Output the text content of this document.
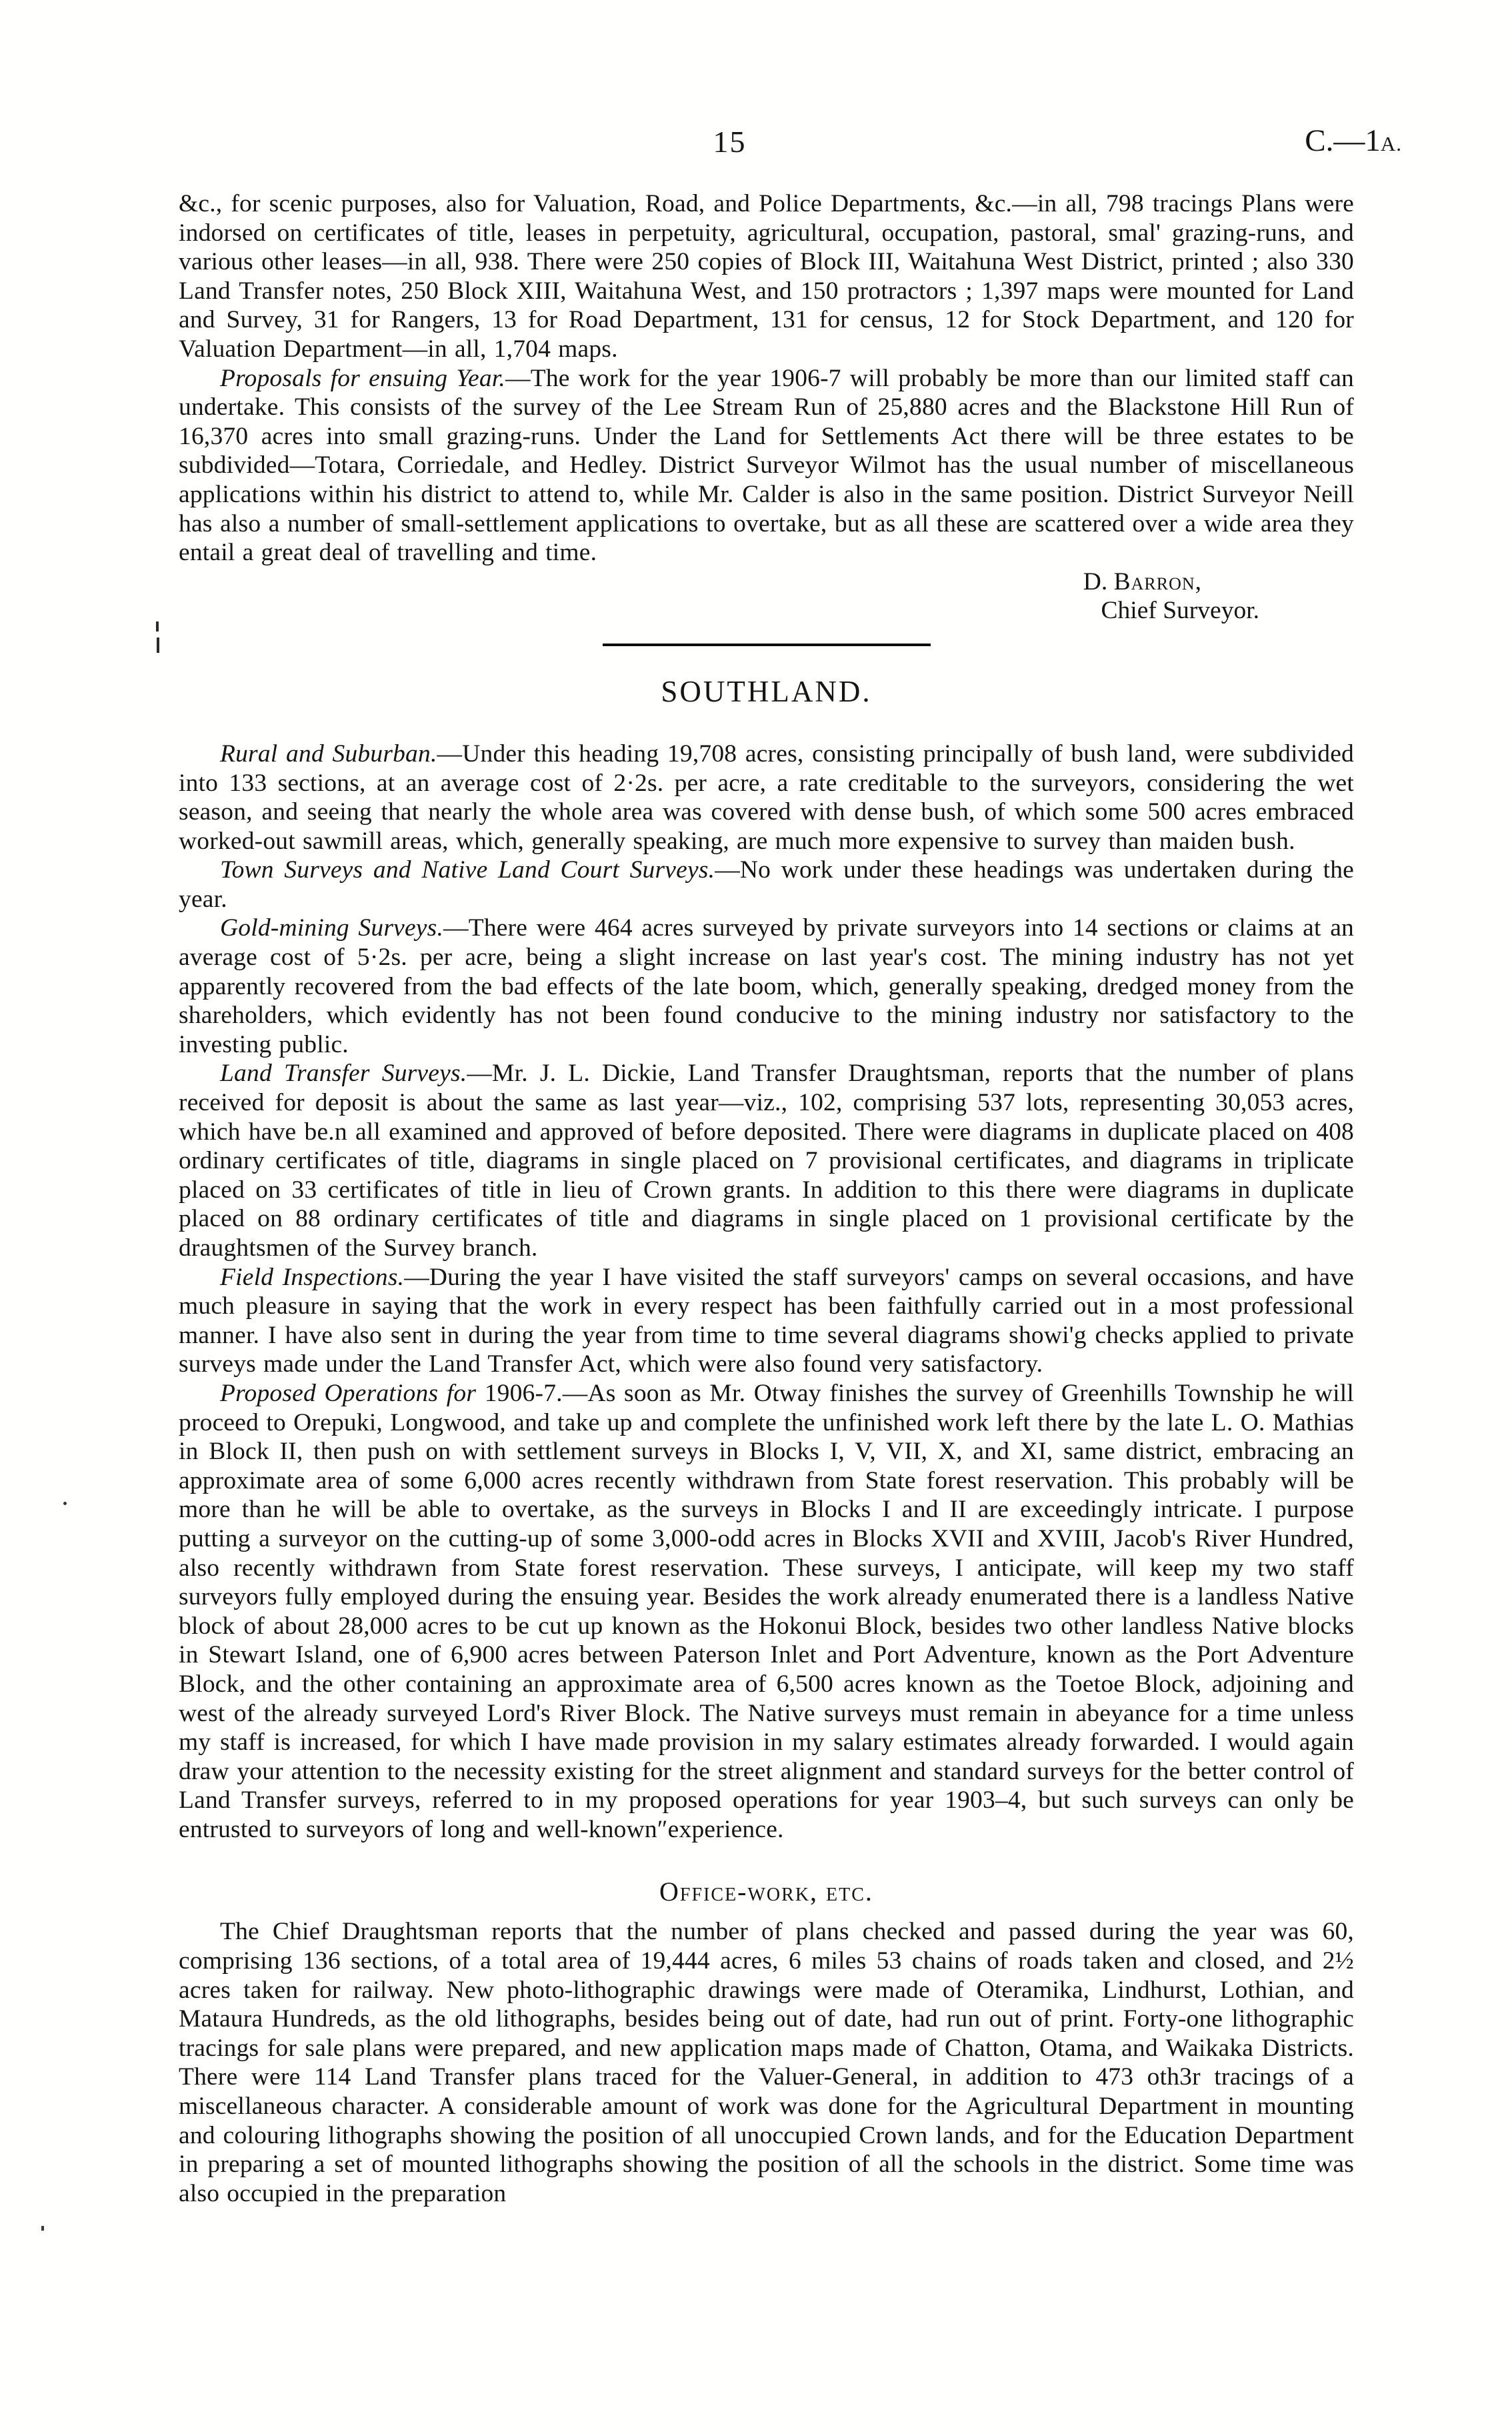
15	C.—1A.

&c., for scenic purposes, also for Valuation, Road, and Police Departments, &c.—in all, 798 tracings Plans were indorsed on certificates of title, leases in perpetuity, agricultural, occupation, pastoral, smal' grazing-runs, and various other leases—in all, 938. There were 250 copies of Block III, Waitahuna West District, printed ; also 330 Land Transfer notes, 250 Block XIII, Waitahuna West, and 150 protractors ; 1,397 maps were mounted for Land and Survey, 31 for Rangers, 13 for Road Department, 131 for census, 12 for Stock Department, and 120 for Valuation Department—in all, 1,704 maps.

Proposals for ensuing Year.—The work for the year 1906-7 will probably be more than our limited staff can undertake. This consists of the survey of the Lee Stream Run of 25,880 acres and the Blackstone Hill Run of 16,370 acres into small grazing-runs. Under the Land for Settlements Act there will be three estates to be subdivided—Totara, Corriedale, and Hedley. District Surveyor Wilmot has the usual number of miscellaneous applications within his district to attend to, while Mr. Calder is also in the same position. District Surveyor Neill has also a number of small-settlement applications to overtake, but as all these are scattered over a wide area they entail a great deal of travelling and time.

D. Barron,
Chief Surveyor.
SOUTHLAND.

Rural and Suburban.—Under this heading 19,708 acres, consisting principally of bush land, were subdivided into 133 sections, at an average cost of 2·2s. per acre, a rate creditable to the surveyors, considering the wet season, and seeing that nearly the whole area was covered with dense bush, of which some 500 acres embraced worked-out sawmill areas, which, generally speaking, are much more expensive to survey than maiden bush.

Town Surveys and Native Land Court Surveys.—No work under these headings was undertaken during the year.

Gold-mining Surveys.—There were 464 acres surveyed by private surveyors into 14 sections or claims at an average cost of 5·2s. per acre, being a slight increase on last year's cost. The mining industry has not yet apparently recovered from the bad effects of the late boom, which, generally speaking, dredged money from the shareholders, which evidently has not been found conducive to the mining industry nor satisfactory to the investing public.

Land Transfer Surveys.—Mr. J. L. Dickie, Land Transfer Draughtsman, reports that the number of plans received for deposit is about the same as last year—viz., 102, comprising 537 lots, representing 30,053 acres, which have be.n all examined and approved of before deposited. There were diagrams in duplicate placed on 408 ordinary certificates of title, diagrams in single placed on 7 provisional certificates, and diagrams in triplicate placed on 33 certificates of title in lieu of Crown grants. In addition to this there were diagrams in duplicate placed on 88 ordinary certificates of title and diagrams in single placed on 1 provisional certificate by the draughtsmen of the Survey branch.

Field Inspections.—During the year I have visited the staff surveyors' camps on several occasions, and have much pleasure in saying that the work in every respect has been faithfully carried out in a most professional manner. I have also sent in during the year from time to time several diagrams showi'g checks applied to private surveys made under the Land Transfer Act, which were also found very satisfactory.

Proposed Operations for 1906-7.—As soon as Mr. Otway finishes the survey of Greenhills Township he will proceed to Orepuki, Longwood, and take up and complete the unfinished work left there by the late L. O. Mathias in Block II, then push on with settlement surveys in Blocks I, V, VII, X, and XI, same district, embracing an approximate area of some 6,000 acres recently withdrawn from State forest reservation. This probably will be more than he will be able to overtake, as the surveys in Blocks I and II are exceedingly intricate. I purpose putting a surveyor on the cutting-up of some 3,000-odd acres in Blocks XVII and XVIII, Jacob's River Hundred, also recently withdrawn from State forest reservation. These surveys, I anticipate, will keep my two staff surveyors fully employed during the ensuing year. Besides the work already enumerated there is a landless Native block of about 28,000 acres to be cut up known as the Hokonui Block, besides two other landless Native blocks in Stewart Island, one of 6,900 acres between Paterson Inlet and Port Adventure, known as the Port Adventure Block, and the other containing an approximate area of 6,500 acres known as the Toetoe Block, adjoining and west of the already surveyed Lord's River Block. The Native surveys must remain in abeyance for a time unless my staff is increased, for which I have made provision in my salary estimates already forwarded. I would again draw your attention to the necessity existing for the street alignment and standard surveys for the better control of Land Transfer surveys, referred to in my proposed operations for year 1903–4, but such surveys can only be entrusted to surveyors of long and well-known″experience.

Office-work, etc.

The Chief Draughtsman reports that the number of plans checked and passed during the year was 60, comprising 136 sections, of a total area of 19,444 acres, 6 miles 53 chains of roads taken and closed, and 2½ acres taken for railway. New photo-lithographic drawings were made of Oteramika, Lindhurst, Lothian, and Mataura Hundreds, as the old lithographs, besides being out of date, had run out of print. Forty-one lithographic tracings for sale plans were prepared, and new application maps made of Chatton, Otama, and Waikaka Districts. There were 114 Land Transfer plans traced for the Valuer-General, in addition to 473 oth3r tracings of a miscellaneous character. A considerable amount of work was done for the Agricultural Department in mounting and colouring lithographs showing the position of all unoccupied Crown lands, and for the Education Department in preparing a set of mounted lithographs showing the position of all the schools in the district. Some time was also occupied in the preparation
